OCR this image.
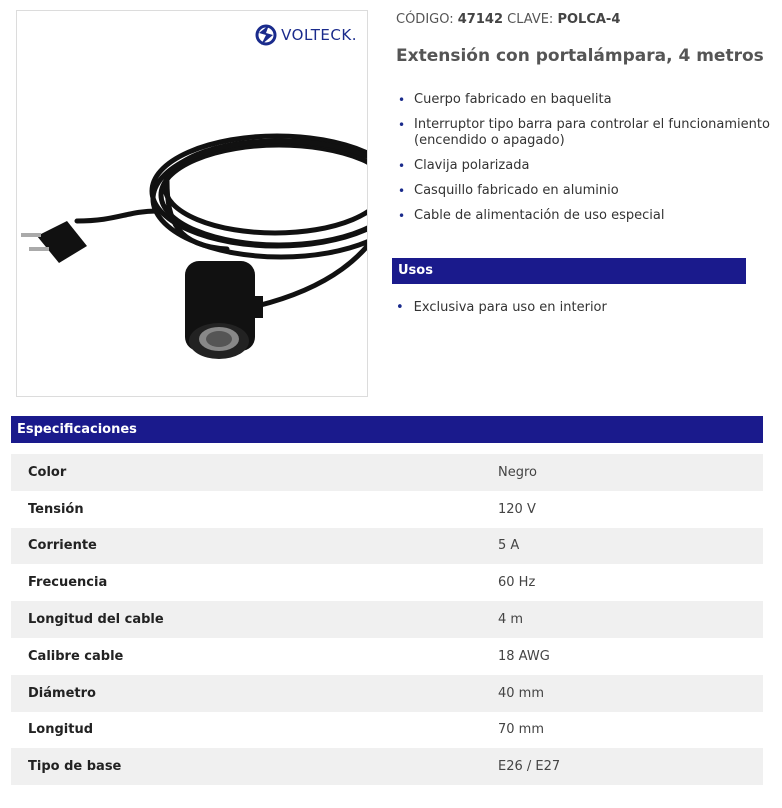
VOLTECK.
CÓDIGO: 47142 CLAVE: POLCA-4
Extensión con portalámpara, 4 metros
• Cuerpo fabricado en baquelita
• Interruptor tipo barra para controlar el funcionamiento (encendido o apagado)
• Clavija polarizada
• Casquillo fabricado en aluminio
• Cable de alimentación de uso especial
Usos
• Exclusiva para uso en interior
Especificaciones
Color	Negro
Tensión	120 V
Corriente	5 A
Frecuencia	60 Hz
Longitud del cable	4 m
Calibre cable	18 AWG
Diámetro	40 mm
Longitud	70 mm
Tipo de base	E26 / E27
